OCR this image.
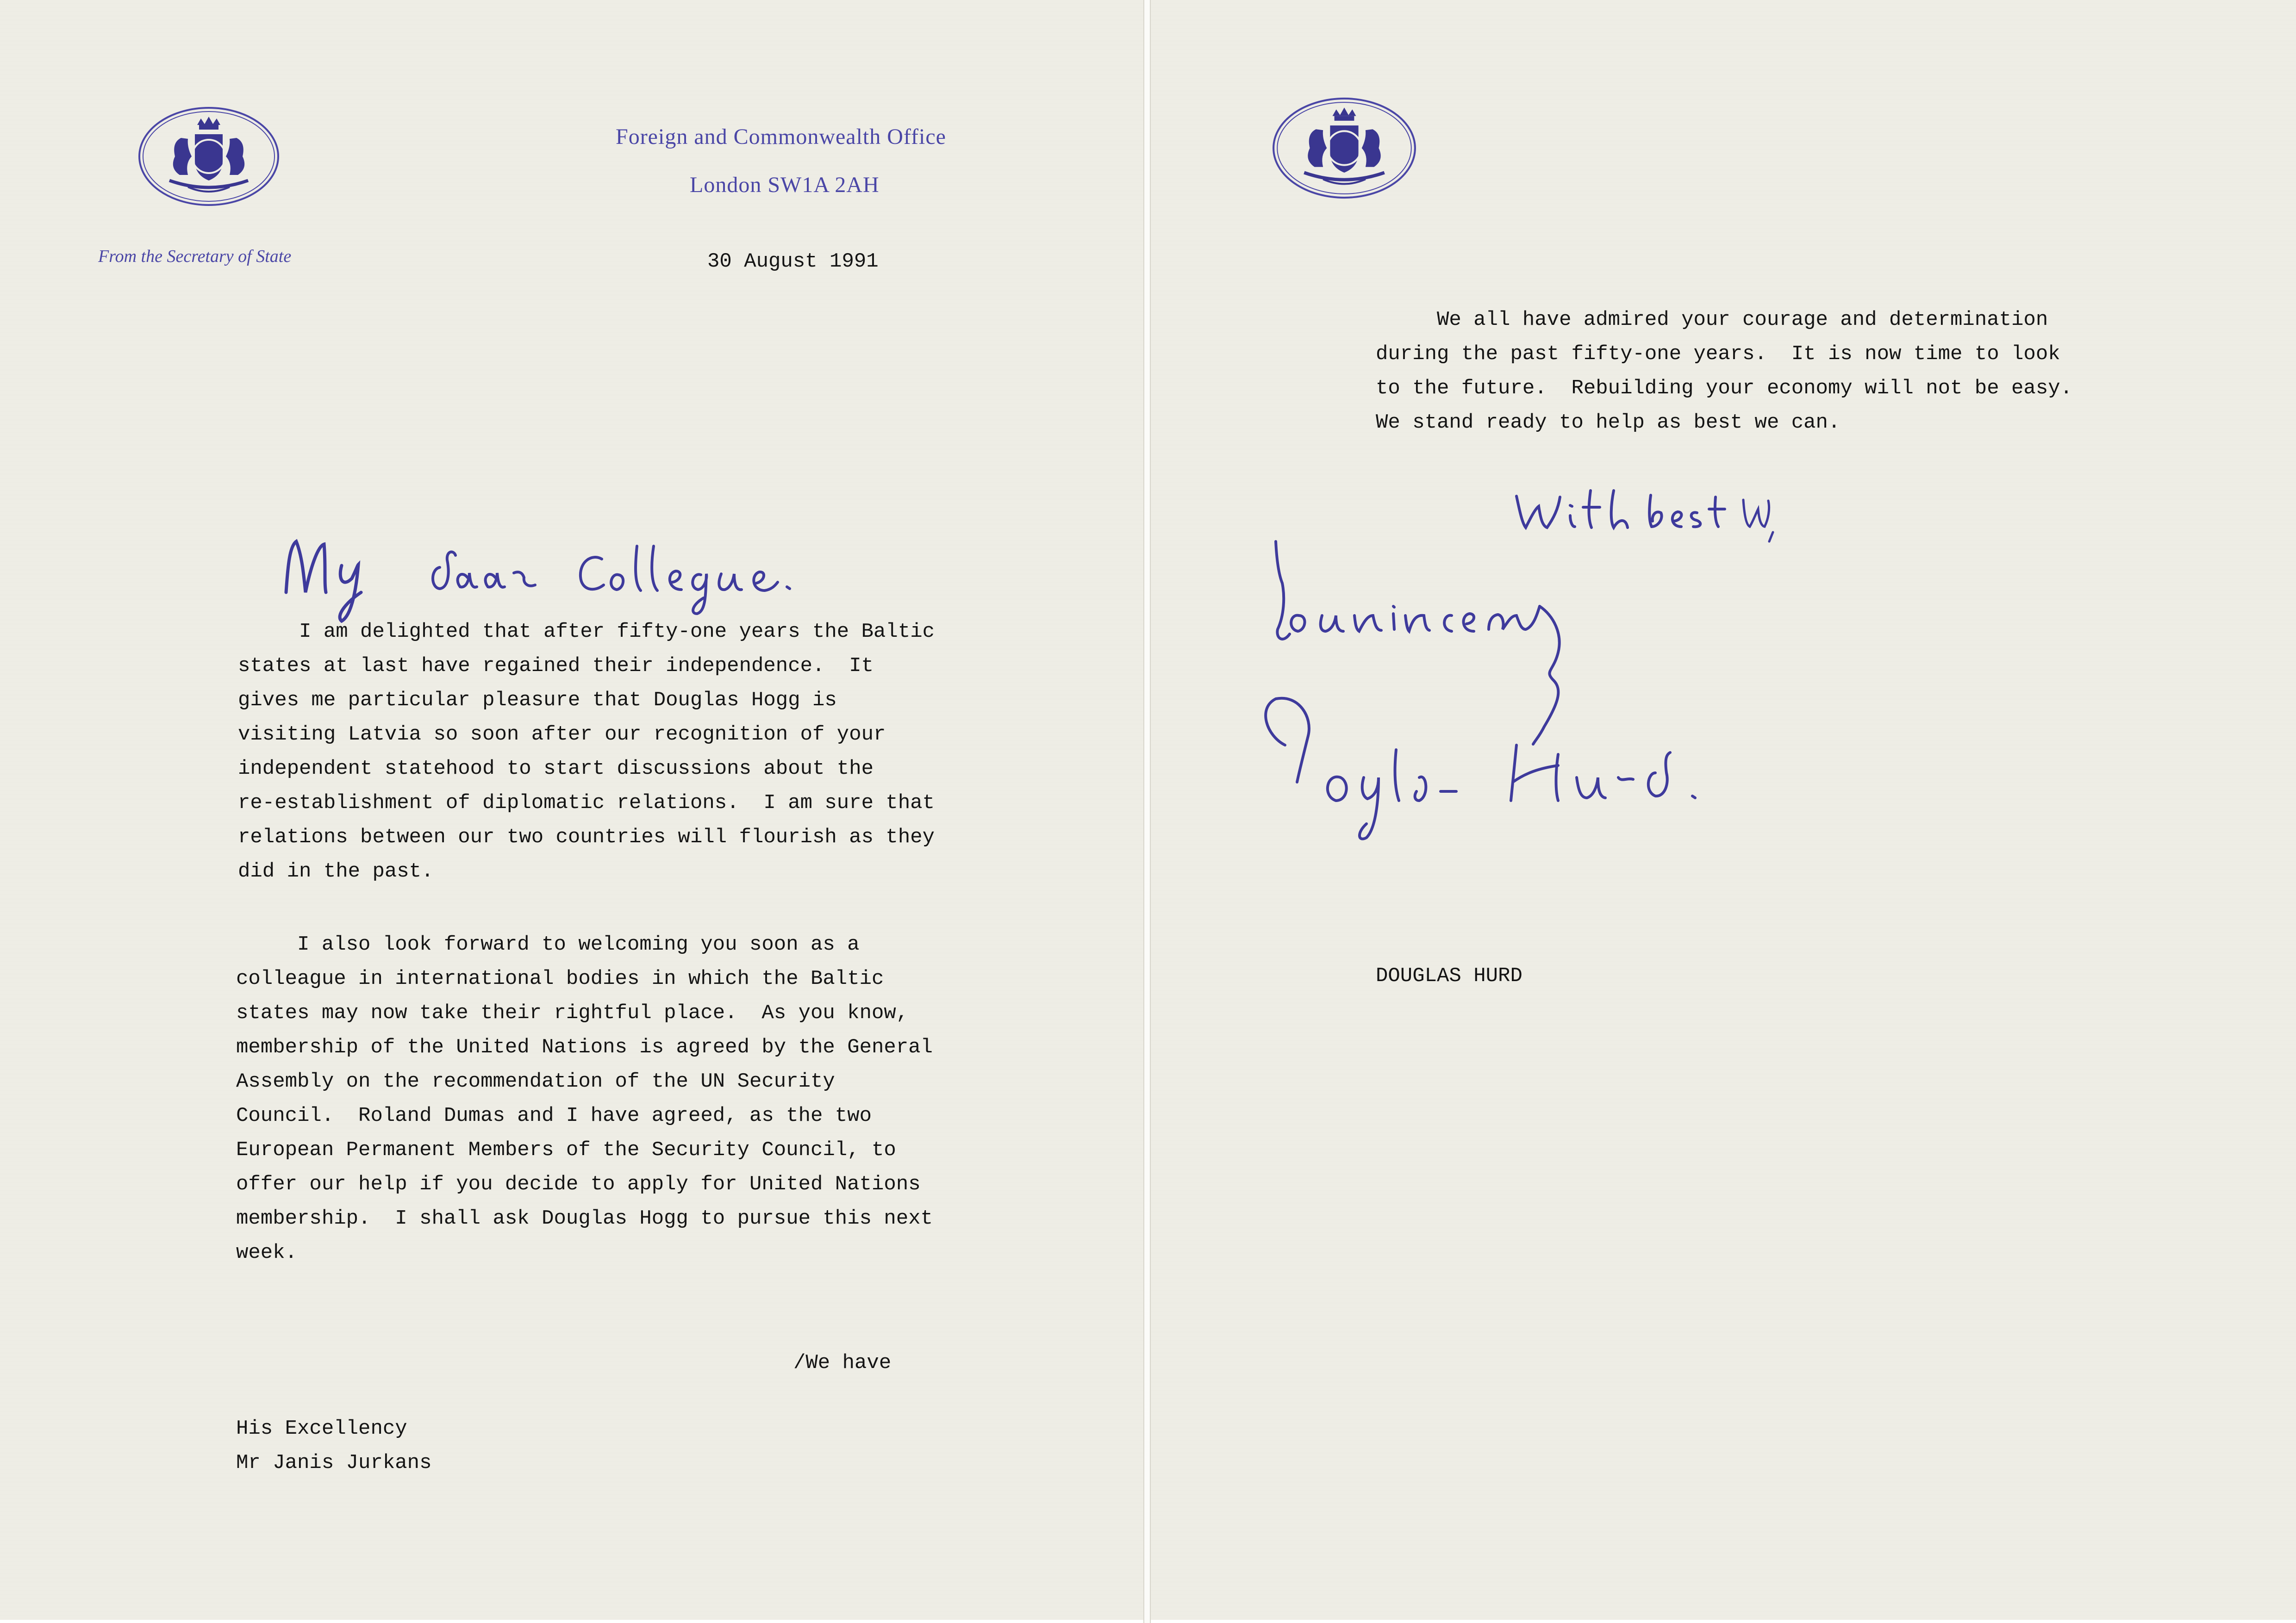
Foreign and Commonwealth Office
London SW1A 2AH
From the Secretary of State	30 August 1991
I am delighted that after fifty-one years the Baltic
states at last have regained their independence.  It
gives me particular pleasure that Douglas Hogg is
visiting Latvia so soon after our recognition of your
independent statehood to start discussions about the
re-establishment of diplomatic relations.  I am sure that
relations between our two countries will flourish as they
did in the past.
I also look forward to welcoming you soon as a
colleague in international bodies in which the Baltic
states may now take their rightful place.  As you know,
membership of the United Nations is agreed by the General
Assembly on the recommendation of the UN Security
Council.  Roland Dumas and I have agreed, as the two
European Permanent Members of the Security Council, to
offer our help if you decide to apply for United Nations
membership.  I shall ask Douglas Hogg to pursue this next
week.
/We have
His Excellency
Mr Janis Jurkans
We all have admired your courage and determination
during the past fifty-one years.  It is now time to look
to the future.  Rebuilding your economy will not be easy.
We stand ready to help as best we can.
DOUGLAS HURD
